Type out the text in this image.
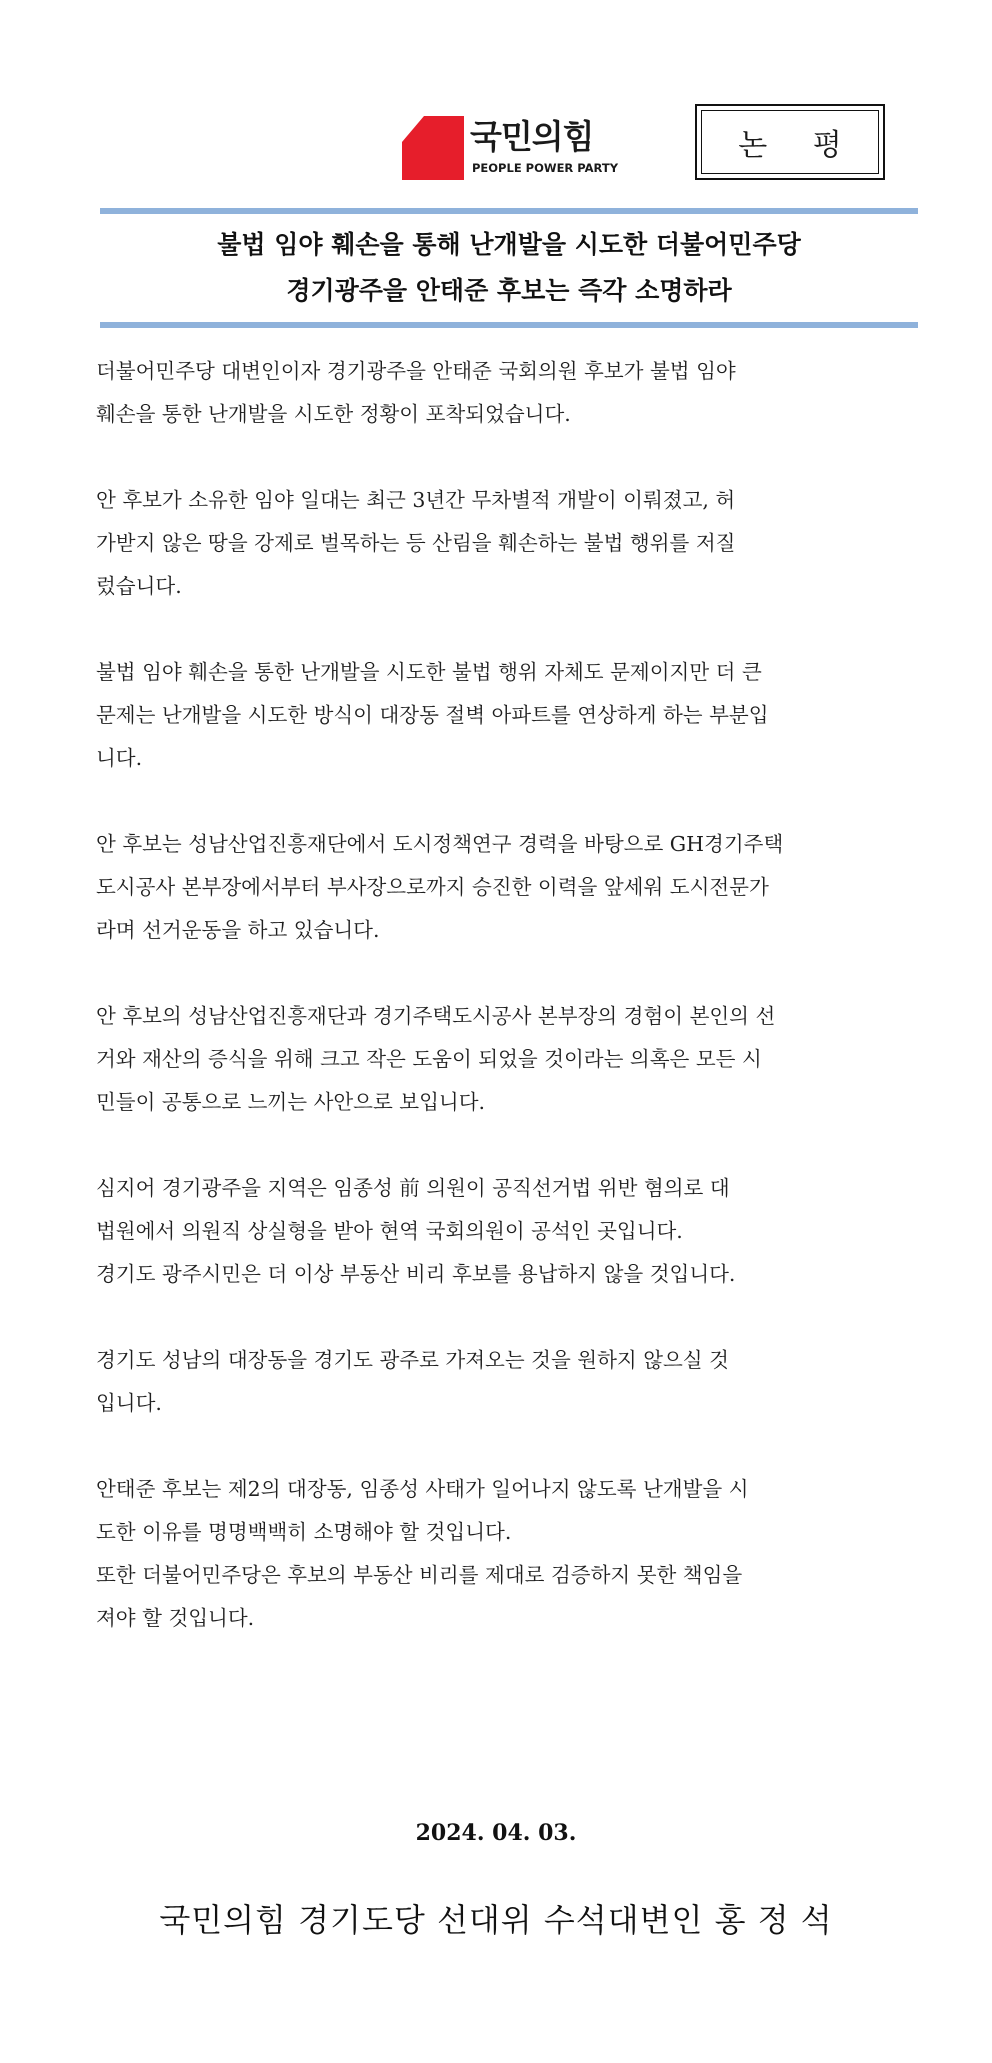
국민의힘
PEOPLE POWER PARTY
논 평
불법 임야 훼손을 통해 난개발을 시도한 더불어민주당
경기광주을 안태준 후보는 즉각 소명하라
더불어민주당 대변인이자 경기광주을 안태준 국회의원 후보가 불법 임야
훼손을 통한 난개발을 시도한 정황이 포착되었습니다.
안 후보가 소유한 임야 일대는 최근 3년간 무차별적 개발이 이뤄졌고, 허
가받지 않은 땅을 강제로 벌목하는 등 산림을 훼손하는 불법 행위를 저질
렀습니다.
불법 임야 훼손을 통한 난개발을 시도한 불법 행위 자체도 문제이지만 더 큰
문제는 난개발을 시도한 방식이 대장동 절벽 아파트를 연상하게 하는 부분입
니다.
안 후보는 성남산업진흥재단에서 도시정책연구 경력을 바탕으로 GH경기주택
도시공사 본부장에서부터 부사장으로까지 승진한 이력을 앞세워 도시전문가
라며 선거운동을 하고 있습니다.
안 후보의 성남산업진흥재단과 경기주택도시공사 본부장의 경험이 본인의 선
거와 재산의 증식을 위해 크고 작은 도움이 되었을 것이라는 의혹은 모든 시
민들이 공통으로 느끼는 사안으로 보입니다.
심지어 경기광주을 지역은 임종성 前 의원이 공직선거법 위반 혐의로 대
법원에서 의원직 상실형을 받아 현역 국회의원이 공석인 곳입니다.
경기도 광주시민은 더 이상 부동산 비리 후보를 용납하지 않을 것입니다.
경기도 성남의 대장동을 경기도 광주로 가져오는 것을 원하지 않으실 것
입니다.
안태준 후보는 제2의 대장동, 임종성 사태가 일어나지 않도록 난개발을 시
도한 이유를 명명백백히 소명해야 할 것입니다.
또한 더불어민주당은 후보의 부동산 비리를 제대로 검증하지 못한 책임을
져야 할 것입니다.
2024. 04. 03.
국민의힘 경기도당 선대위 수석대변인 홍 정 석
